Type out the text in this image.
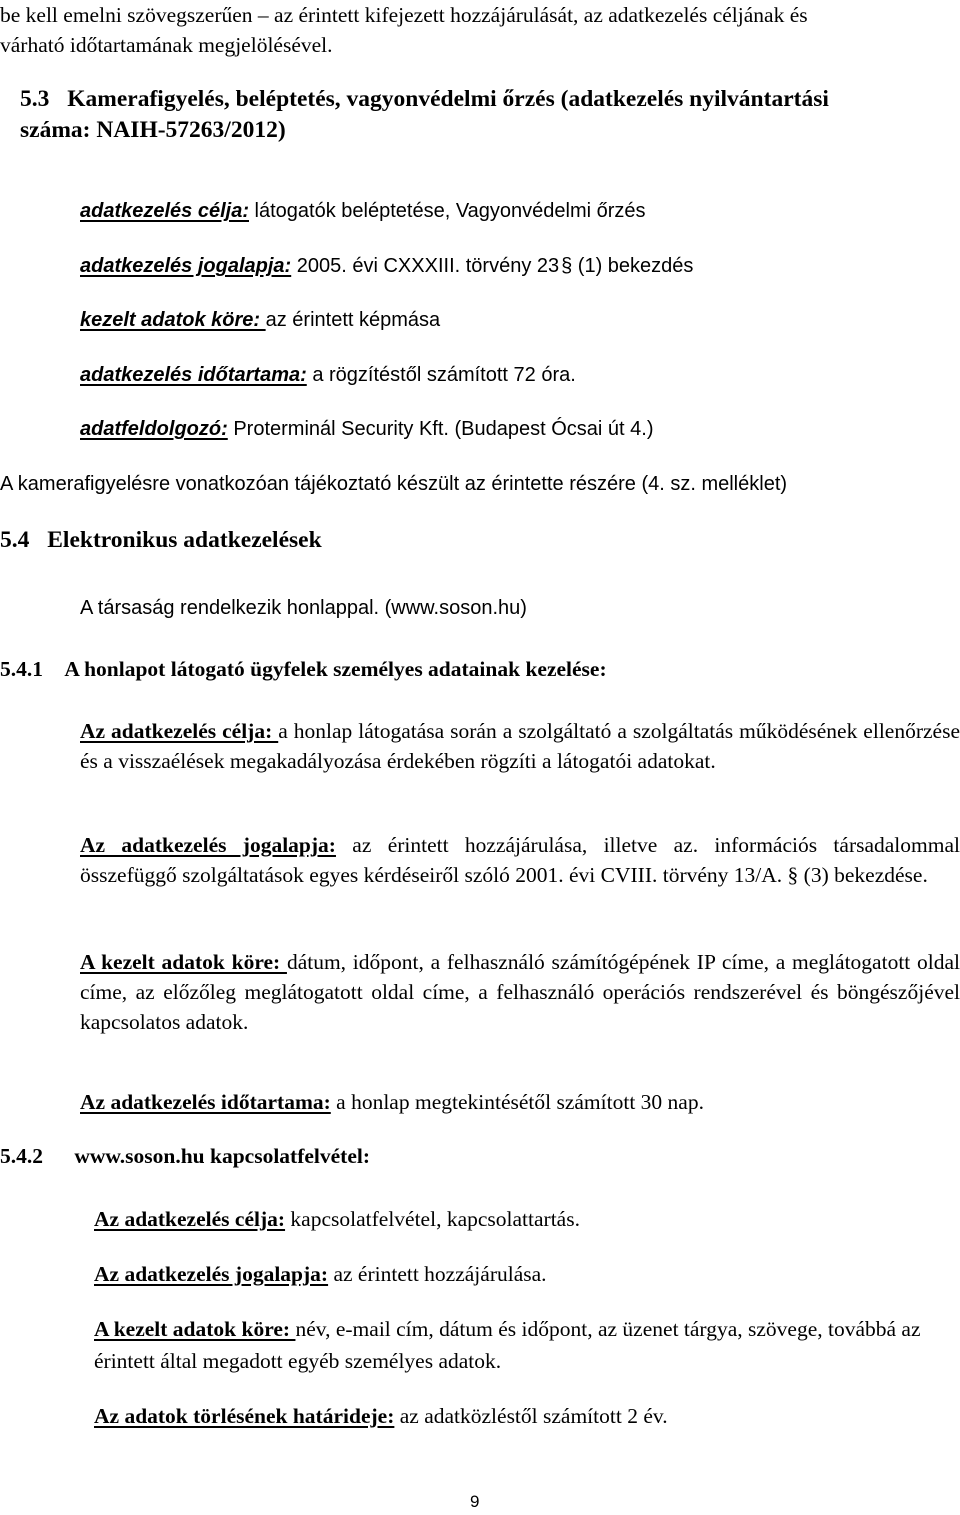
be kell emelni szövegszerűen – az érintett kifejezett hozzájárulását, az adatkezelés céljának és
várható időtartamának megjelölésével.
5.3 Kamerafigyelés, beléptetés, vagyonvédelmi őrzés (adatkezelés nyilvántartási
száma: NAIH-57263/2012)
adatkezelés célja: látogatók beléptetése, Vagyonvédelmi őrzés
adatkezelés jogalapja: 2005. évi CXXXIII. törvény 23 § (1) bekezdés
kezelt adatok köre: az érintett képmása
adatkezelés időtartama: a rögzítéstől számított 72 óra.
adatfeldolgozó: Proterminál Security Kft. (Budapest Ócsai út 4.)
A kamerafigyelésre vonatkozóan tájékoztató készült az érintette részére (4. sz. melléklet)
5.4 Elektronikus adatkezelések
A társaság rendelkezik honlappal. (www.soson.hu)
5.4.1 A honlapot látogató ügyfelek személyes adatainak kezelése:
Az adatkezelés célja: a honlap látogatása során a szolgáltató a szolgáltatás működésének ellenőrzése és a visszaélések megakadályozása érdekében rögzíti a látogatói adatokat.
Az adatkezelés jogalapja: az érintett hozzájárulása, illetve az. információs társadalommal összefüggő szolgáltatások egyes kérdéseiről szóló 2001. évi CVIII. törvény 13/A. § (3) bekezdése.
A kezelt adatok köre: dátum, időpont, a felhasználó számítógépének IP címe, a meglátogatott oldal címe, az előzőleg meglátogatott oldal címe, a felhasználó operációs rendszerével és böngészőjével kapcsolatos adatok.
Az adatkezelés időtartama: a honlap megtekintésétől számított 30 nap.
5.4.2 www.soson.hu kapcsolatfelvétel:
Az adatkezelés célja: kapcsolatfelvétel, kapcsolattartás.
Az adatkezelés jogalapja: az érintett hozzájárulása.
A kezelt adatok köre: név, e-mail cím, dátum és időpont, az üzenet tárgya, szövege, továbbá az érintett által megadott egyéb személyes adatok.
Az adatok törlésének határideje: az adatközléstől számított 2 év.
9
